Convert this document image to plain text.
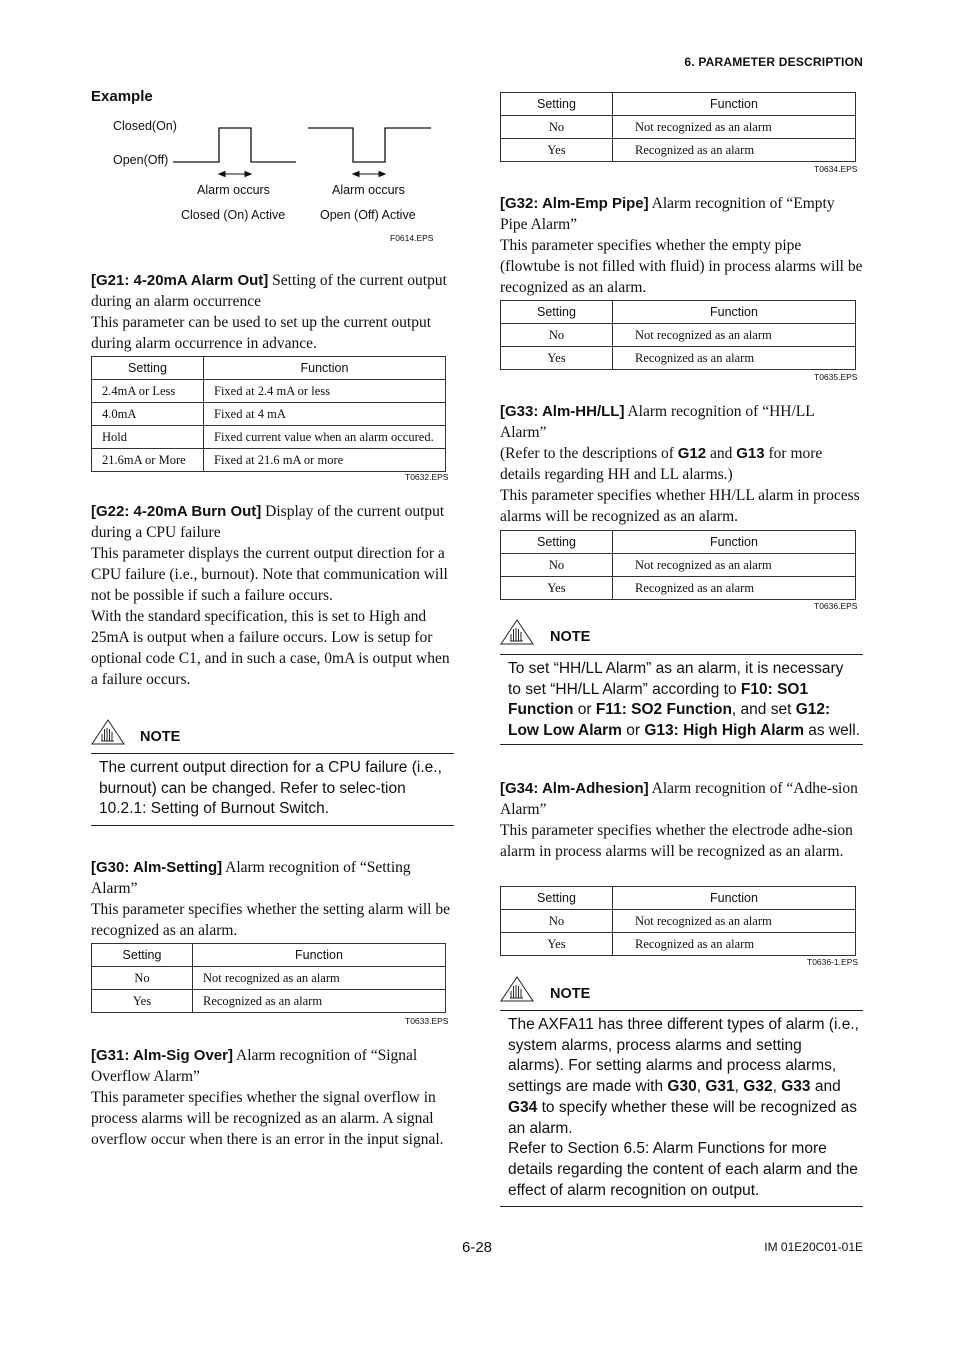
6. PARAMETER DESCRIPTION
Example
Closed(On)
Open(Off)
Alarm occurs	Alarm occurs
Closed (On) Active	Open (Off) Active
F0614.EPS

[G21: 4-20mA Alarm Out] Setting of the current output during an alarm occurrence

This parameter can be used to set up the current output during alarm occurrence in advance.

Setting	Function
2.4mA or Less	Fixed at 2.4 mA or less
4.0mA	Fixed at 4 mA
Hold	Fixed current value when an alarm occured.
21.6mA or More	Fixed at 21.6 mA or more
T0632.EPS

[G22: 4-20mA Burn Out] Display of the current output during a CPU failure

This parameter displays the current output direction for a CPU failure (i.e., burnout). Note that communication will not be possible if such a failure occurs.

With the standard specification, this is set to High and 25mA is output when a failure occurs. Low is setup for optional code C1, and in such a case, 0mA is output when a failure occurs.

NOTE
The current output direction for a CPU failure (i.e., burnout) can be changed. Refer to selec-tion 10.2.1: Setting of Burnout Switch.

[G30: Alm-Setting] Alarm recognition of “Setting Alarm”

This parameter specifies whether the setting alarm will be recognized as an alarm.

Setting	Function
No	Not recognized as an alarm
Yes	Recognized as an alarm
T0633.EPS

[G31: Alm-Sig Over] Alarm recognition of “Signal Overflow Alarm”

This parameter specifies whether the signal overflow in process alarms will be recognized as an alarm. A signal overflow occur when there is an error in the input signal.

Setting	Function
No	Not recognized as an alarm
Yes	Recognized as an alarm
T0634.EPS

[G32: Alm-Emp Pipe] Alarm recognition of “Empty Pipe Alarm”

This parameter specifies whether the empty pipe (flowtube is not filled with fluid) in process alarms will be recognized as an alarm.

Setting	Function
No	Not recognized as an alarm
Yes	Recognized as an alarm
T0635.EPS

[G33: Alm-HH/LL] Alarm recognition of “HH/LL Alarm”

(Refer to the descriptions of G12 and G13 for more details regarding HH and LL alarms.)

This parameter specifies whether HH/LL alarm in process alarms will be recognized as an alarm.

Setting	Function
No	Not recognized as an alarm
Yes	Recognized as an alarm
T0636.EPS
NOTE
To set “HH/LL Alarm” as an alarm, it is necessary to set “HH/LL Alarm” according to F10: SO1 Function or F11: SO2 Function, and set G12: Low Low Alarm or G13: High High Alarm as well.

[G34: Alm-Adhesion] Alarm recognition of “Adhe-sion Alarm”

This parameter specifies whether the electrode adhe-sion alarm in process alarms will be recognized as an alarm.

Setting	Function
No	Not recognized as an alarm
Yes	Recognized as an alarm
T0636-1.EPS
NOTE
The AXFA11 has three different types of alarm (i.e., system alarms, process alarms and setting alarms). For setting alarms and process alarms, settings are made with G30, G31, G32, G33 and G34 to specify whether these will be recognized as an alarm.
Refer to Section 6.5: Alarm Functions for more details regarding the content of each alarm and the effect of alarm recognition on output.
6-28	IM 01E20C01-01E
